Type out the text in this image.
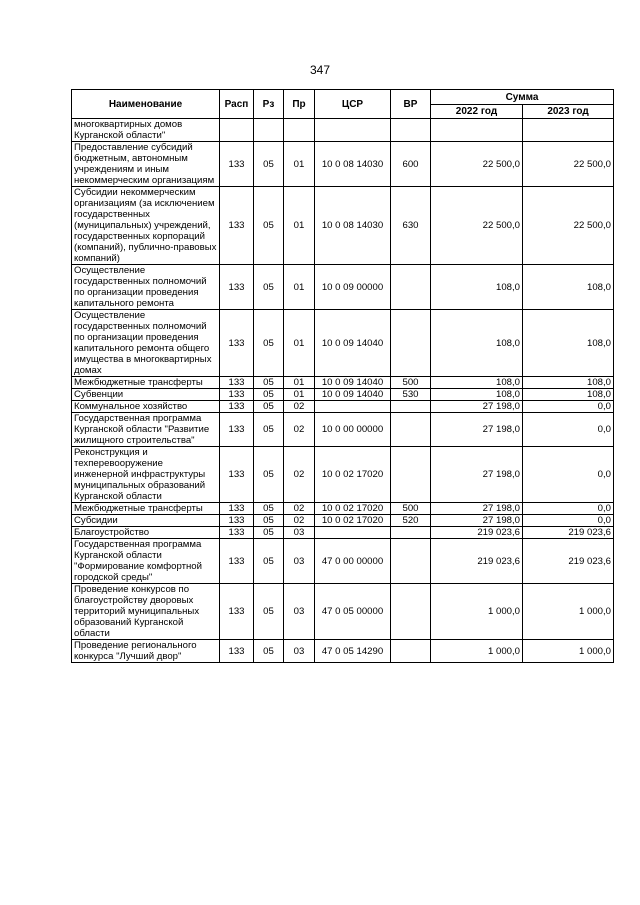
347
Наименование	Расп	Рз	Пр	ЦСР	ВР	Сумма	
						2022 год	2023 год
многоквартирных домов Курганской области"							
Предоставление субсидий бюджетным, автономным учреждениям и иным некоммерческим организациям	133	05	01	10 0 08 14030	600	22 500,0	22 500,0
Субсидии некоммерческим организациям (за исключением государственных (муниципальных) учреждений, государственных корпораций (компаний), публично-правовых компаний)	133	05	01	10 0 08 14030	630	22 500,0	22 500,0
Осуществление государственных полномочий по организации проведения капитального ремонта	133	05	01	10 0 09 00000		108,0	108,0
Осуществление государственных полномочий по организации проведения капитального ремонта общего имущества в многоквартирных домах	133	05	01	10 0 09 14040		108,0	108,0
Межбюджетные трансферты	133	05	01	10 0 09 14040	500	108,0	108,0
Субвенции	133	05	01	10 0 09 14040	530	108,0	108,0
Коммунальное хозяйство	133	05	02			27 198,0	0,0
Государственная программа Курганской области "Развитие жилищного строительства"	133	05	02	10 0 00 00000		27 198,0	0,0
Реконструкция и техперевооружение инженерной инфраструктуры муниципальных образований Курганской области	133	05	02	10 0 02 17020		27 198,0	0,0
Межбюджетные трансферты	133	05	02	10 0 02 17020	500	27 198,0	0,0
Субсидии	133	05	02	10 0 02 17020	520	27 198,0	0,0
Благоустройство	133	05	03			219 023,6	219 023,6
Государственная программа Курганской области "Формирование комфортной городской среды"	133	05	03	47 0 00 00000		219 023,6	219 023,6
Проведение конкурсов по благоустройству дворовых территорий муниципальных образований Курганской области	133	05	03	47 0 05 00000		1 000,0	1 000,0
Проведение регионального конкурса "Лучший двор"	133	05	03	47 0 05 14290		1 000,0	1 000,0
